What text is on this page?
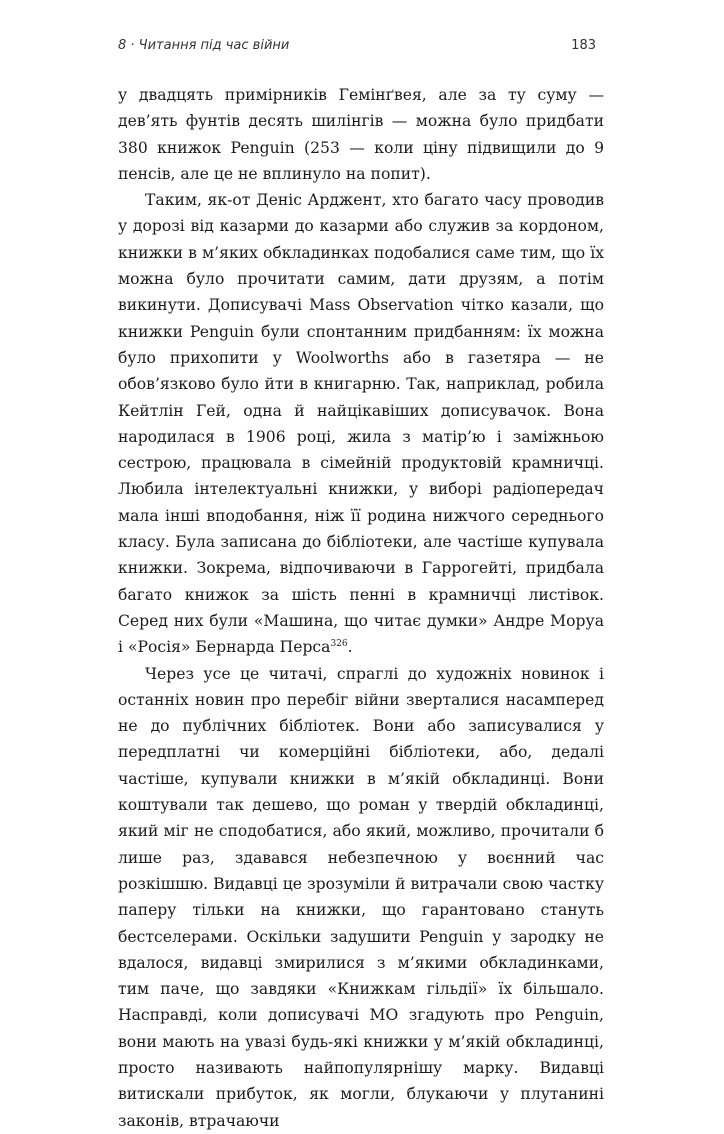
8 · Читання під час війни	183

у двадцять примірників Гемінґвея, але за ту суму — дев’ять фунтів десять шилінгів — можна було придбати 380 книжок Penguin (253 — коли ціну підвищили до 9 пенсів, але це не вплинуло на попит).

Таким, як-от Деніс Арджент, хто багато часу проводив у дорозі від казарми до казарми або служив за кордоном, книжки в м’яких обкладинках подобалися саме тим, що їх можна було прочитати самим, дати друзям, а потім викинути. Дописувачі Mass Observation чітко казали, що книжки Penguin були спонтанним придбанням: їх можна було прихопити у Woolworths або в газетяра — не обов’язково було йти в книгарню. Так, наприклад, робила Кейтлін Гей, одна й найцікавіших дописувачок. Вона народилася в 1906 році, жила з матір’ю і заміжньою сестрою, працювала в сімейній продуктовій крамничці. Любила інтелектуальні книжки, у виборі радіопередач мала інші вподобання, ніж її родина нижчого середнього класу. Була записана до бібліотеки, але частіше купувала книжки. Зокрема, відпочиваючи в Гаррогейті, придбала багато книжок за шість пенні в крамничці листівок. Серед них були «Машина, що читає думки» Андре Моруа і «Росія» Бернарда Перса$^{326}$.

Через усе це читачі, спраглі до художніх новинок і останніх новин про перебіг війни зверталися насамперед не до публічних бібліотек. Вони або записувалися у передплатні чи комерційні бібліотеки, або, дедалі частіше, купували книжки в м’якій обкладинці. Вони коштували так дешево, що роман у твердій обкладинці, який міг не сподобатися, або який, можливо, прочитали б лише раз, здавався небезпечною у воєнний час розкішшю. Видавці це зрозуміли й витрачали свою частку паперу тільки на книжки, що гарантовано стануть бестселерами. Оскільки задушити Penguin у зародку не вдалося, видавці змирилися з м’якими обкладинками, тим паче, що завдяки «Книжкам гільдії» їх більшало. Насправді, коли дописувачі МО згадують про Penguin, вони мають на увазі будь-які книжки у м’якій обкладинці, просто називають найпопулярнішу марку. Видавці витискали прибуток, як могли, блукаючи у плутанині законів, втрачаючи
